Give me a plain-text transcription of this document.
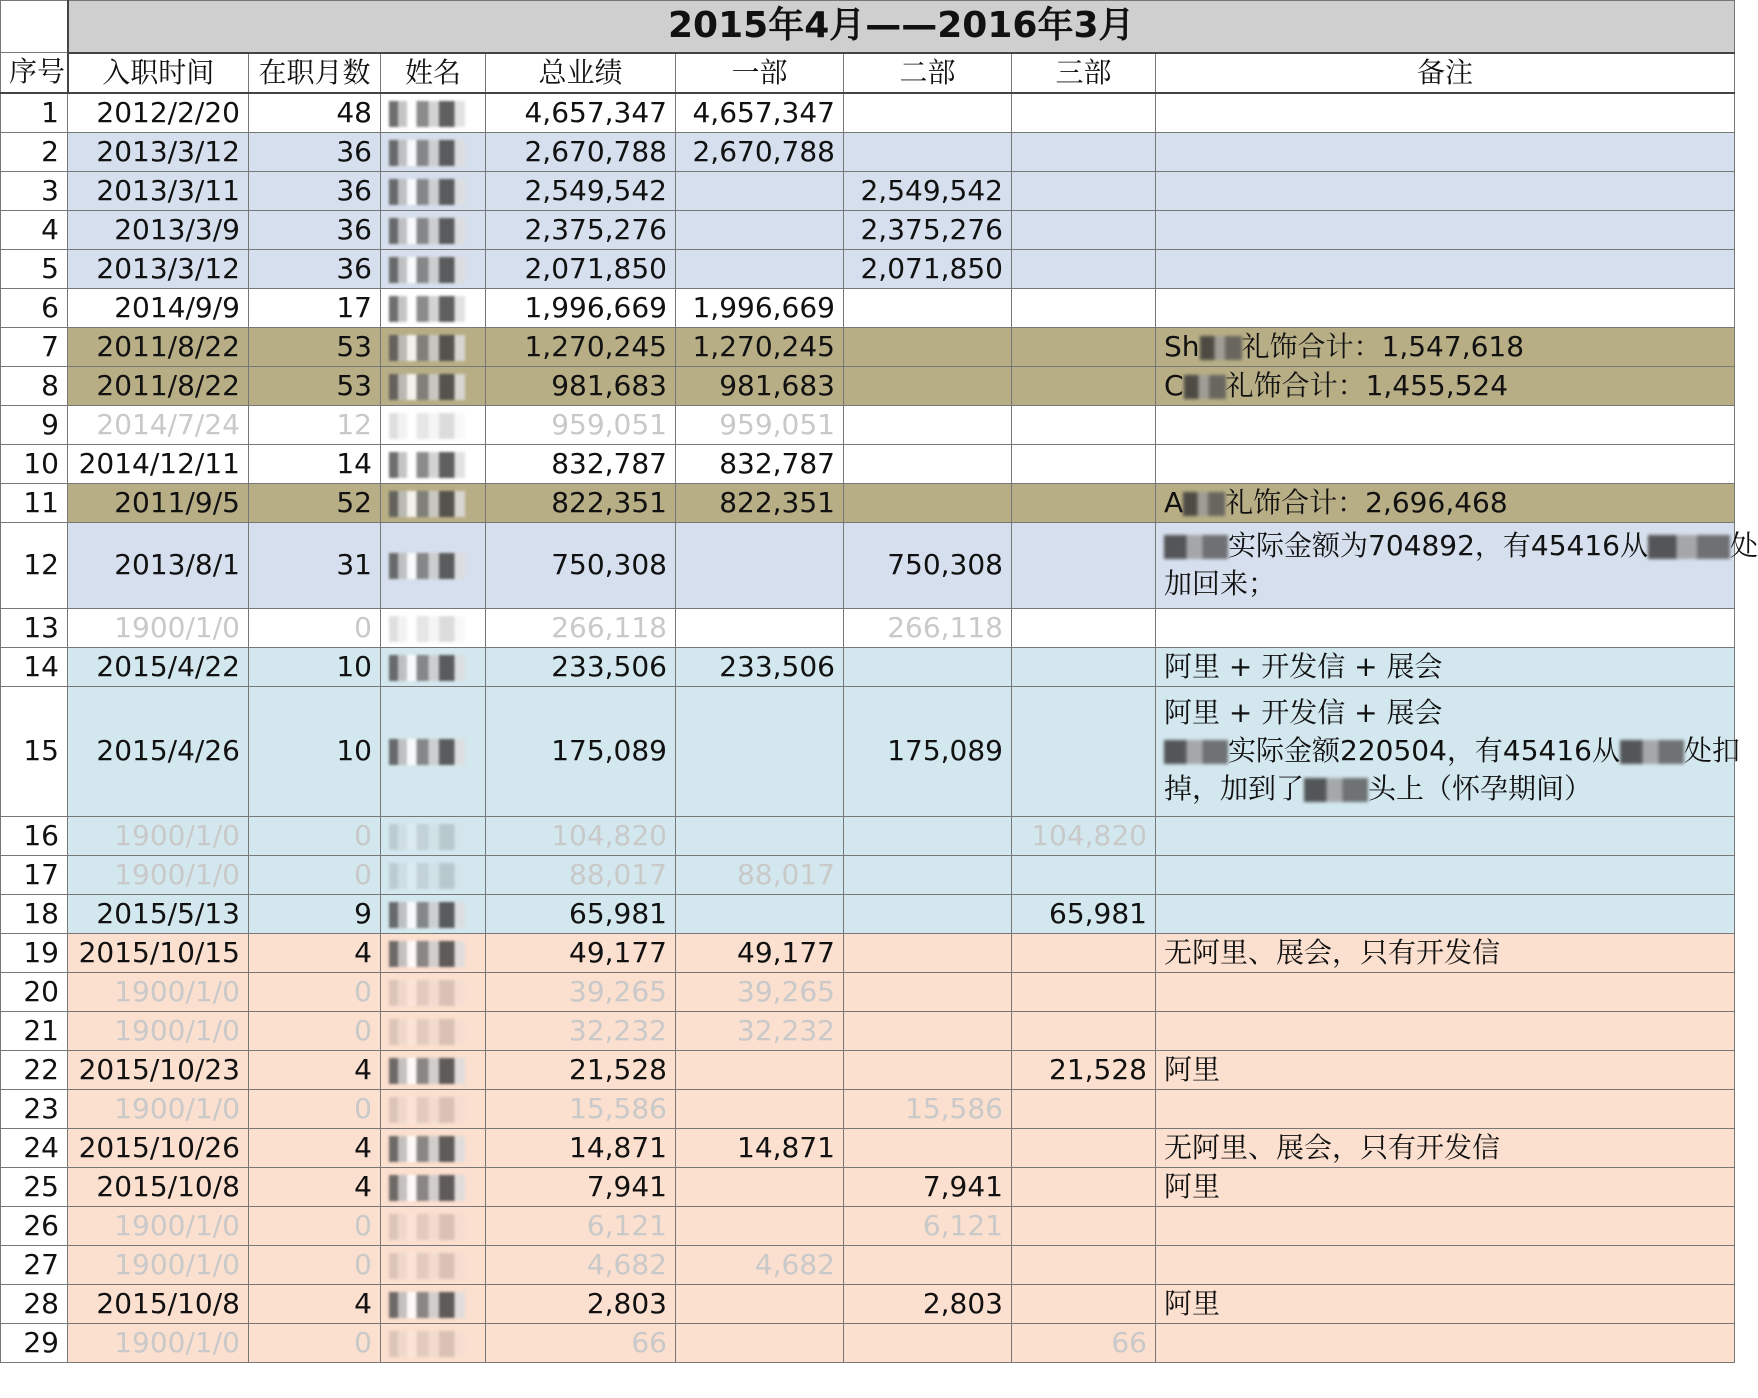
	2015年4月——2016年3月							
序号	入职时间	在职月数	姓名	总业绩	一部	二部	三部	备注
1	2012/2/20	48		4,657,347	4,657,347			
2	2013/3/12	36		2,670,788	2,670,788			
3	2013/3/11	36		2,549,542		2,549,542		
4	2013/3/9	36		2,375,276		2,375,276		
5	2013/3/12	36		2,071,850		2,071,850		
6	2014/9/9	17		1,996,669	1,996,669			
7	2011/8/22	53		1,270,245	1,270,245			Sh 礼饰合计：1,547,618
8	2011/8/22	53		981,683	981,683			C 礼饰合计：1,455,524
9	2014/7/24	12		959,051	959,051			
10	2014/12/11	14		832,787	832,787			
11	2011/9/5	52		822,351	822,351			A 礼饰合计：2,696,468
12	2013/8/1	31		750,308		750,308		实际金额为704892，有45416从 处
加回来；
13	1900/1/0	0		266,118		266,118		
14	2015/4/22	10		233,506	233,506			阿里 + 开发信 + 展会
15	2015/4/26	10		175,089		175,089		阿里 + 开发信 + 展会
实际金额220504，有45416从 处扣
掉，加到了 头上（怀孕期间）
16	1900/1/0	0		104,820			104,820	
17	1900/1/0	0		88,017	88,017			
18	2015/5/13	9		65,981			65,981	
19	2015/10/15	4		49,177	49,177			无阿里、展会，只有开发信
20	1900/1/0	0		39,265	39,265			
21	1900/1/0	0		32,232	32,232			
22	2015/10/23	4		21,528			21,528	阿里
23	1900/1/0	0		15,586		15,586		
24	2015/10/26	4		14,871	14,871			无阿里、展会，只有开发信
25	2015/10/8	4		7,941		7,941		阿里
26	1900/1/0	0		6,121		6,121		
27	1900/1/0	0		4,682	4,682			
28	2015/10/8	4		2,803		2,803		阿里
29	1900/1/0	0		66			66	
